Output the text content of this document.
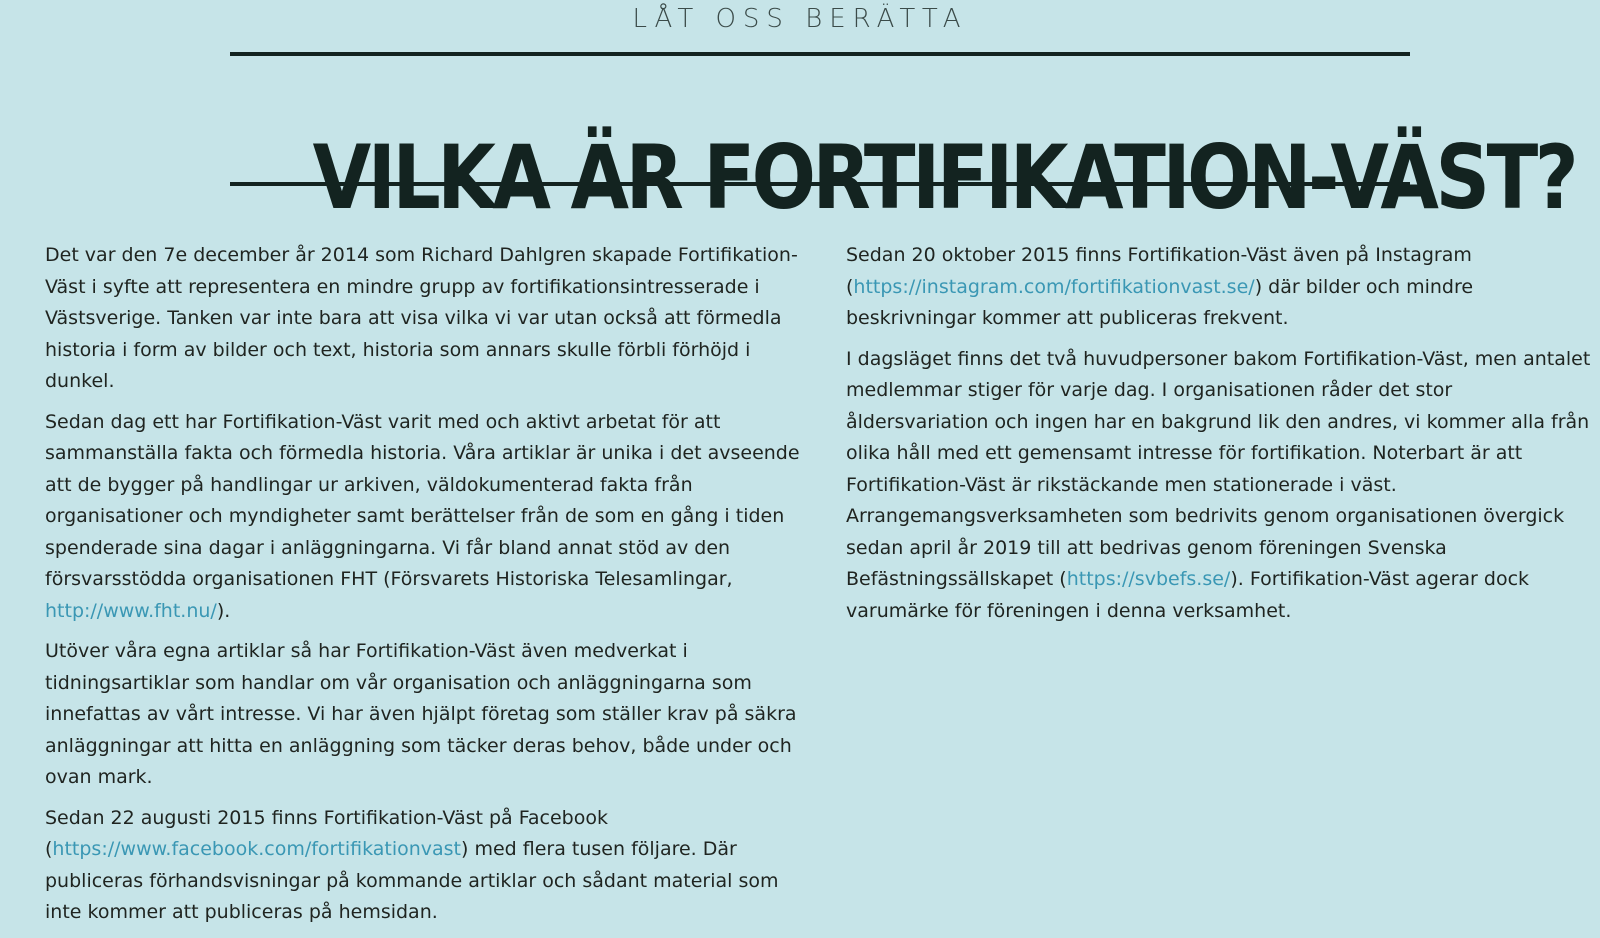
LÅT OSS BERÄTTA
VILKA ÄR FORTIFIKATION-VÄST?

Det var den 7e december år 2014 som Richard Dahlgren skapade Fortifikation-Väst i syfte att representera en mindre grupp av fortifikationsintresserade i Västsverige. Tanken var inte bara att visa vilka vi var utan också att förmedla historia i form av bilder och text, historia som annars skulle förbli förhöjd i dunkel.

Sedan dag ett har Fortifikation-Väst varit med och aktivt arbetat för att sammanställa fakta och förmedla historia. Våra artiklar är unika i det avseende att de bygger på handlingar ur arkiven, väldokumenterad fakta från organisationer och myndigheter samt berättelser från de som en gång i tiden spenderade sina dagar i anläggningarna. Vi får bland annat stöd av den försvarsstödda organisationen FHT (Försvarets Historiska Telesamlingar, http://www.fht.nu/).

Utöver våra egna artiklar så har Fortifikation-Väst även medverkat i tidningsartiklar som handlar om vår organisation och anläggningarna som innefattas av vårt intresse. Vi har även hjälpt företag som ställer krav på säkra anläggningar att hitta en anläggning som täcker deras behov, både under och ovan mark.

Sedan 22 augusti 2015 finns Fortifikation-Väst på Facebook (https://www.facebook.com/fortifikationvast) med flera tusen följare. Där publiceras förhandsvisningar på kommande artiklar och sådant material som inte kommer att publiceras på hemsidan.

Sedan 20 oktober 2015 finns Fortifikation-Väst även på Instagram (https://instagram.com/fortifikationvast.se/) där bilder och mindre beskrivningar kommer att publiceras frekvent.

I dagsläget finns det två huvudpersoner bakom Fortifikation-Väst, men antalet medlemmar stiger för varje dag. I organisationen råder det stor åldersvariation och ingen har en bakgrund lik den andres, vi kommer alla från olika håll med ett gemensamt intresse för fortifikation. Noterbart är att Fortifikation-Väst är rikstäckande men stationerade i väst. Arrangemangsverksamheten som bedrivits genom organisationen övergick sedan april år 2019 till att bedrivas genom föreningen Svenska Befästningssällskapet (https://svbefs.se/). Fortifikation-Väst agerar dock varumärke för föreningen i denna verksamhet.
